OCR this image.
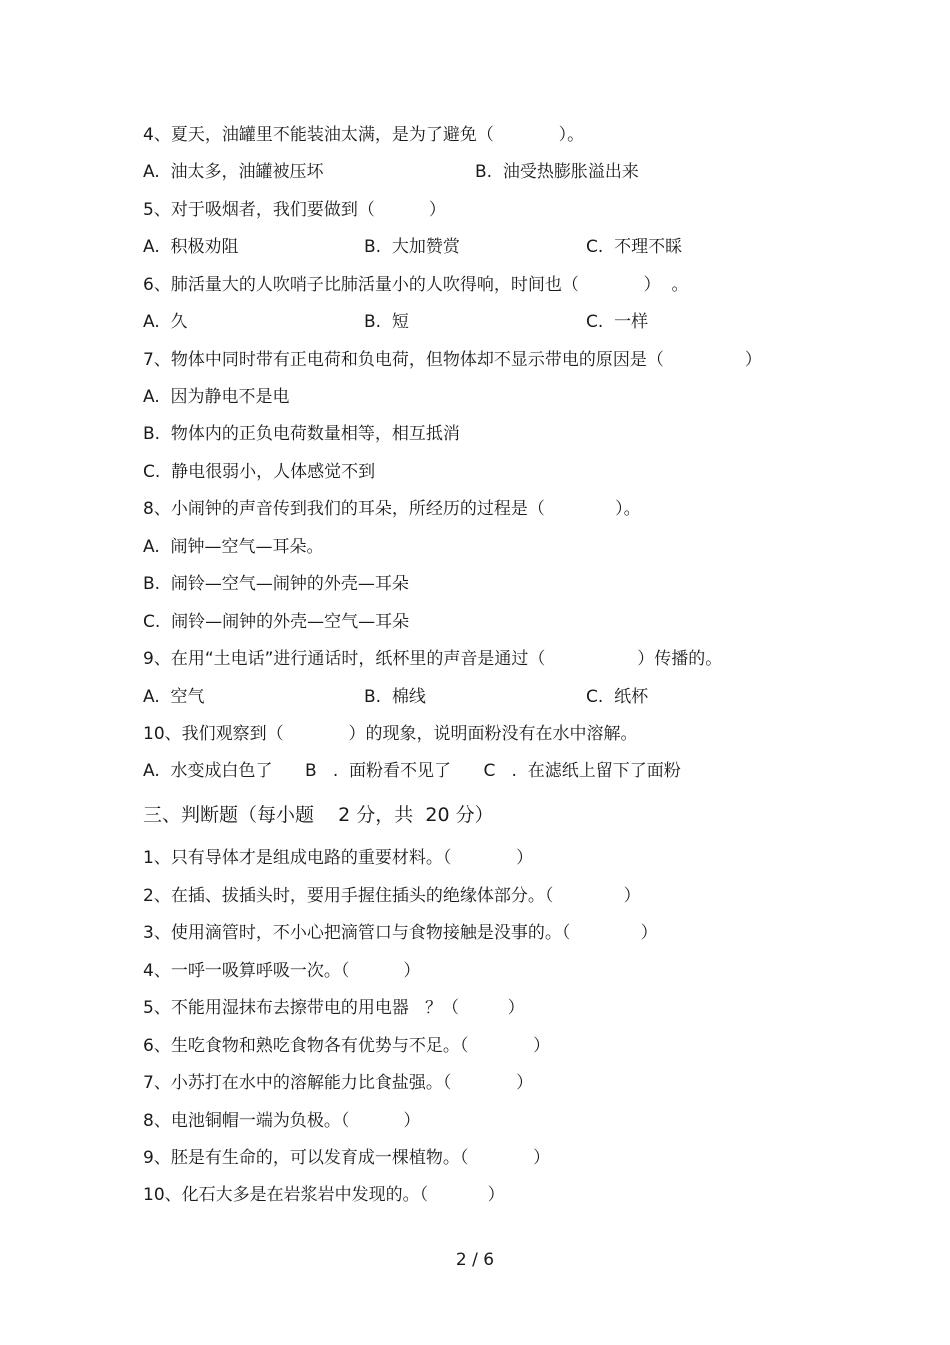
4、夏天，油罐里不能装油太满，是为了避免（            ）。
A.  油太多，油罐被压坏	B.  油受热膨胀溢出来
5、对于吸烟者，我们要做到（          ）
A.  积极劝阻	B.  大加赞赏	C.  不理不睬
6、肺活量大的人吹哨子比肺活量小的人吹得响，时间也（            ）  。
A.  久	B.  短	C.  一样
7、物体中同时带有正电荷和负电荷，但物体却不显示带电的原因是（               ）
A.  因为静电不是电
B.  物体内的正负电荷数量相等，相互抵消
C.  静电很弱小，人体感觉不到
8、小闹钟的声音传到我们的耳朵，所经历的过程是（             ）。
A.  闹钟—空气—耳朵。
B.  闹铃—空气—闹钟的外壳—耳朵
C.  闹铃—闹钟的外壳—空气—耳朵
9、在用“土电话”进行通话时，纸杯里的声音是通过（                 ）传播的。
A.  空气	B.  棉线	C.  纸杯
10、我们观察到（            ）的现象，说明面粉没有在水中溶解。
A.  水变成白色了      B   .  面粉看不见了      C   .  在滤纸上留下了面粉
三、判断题（每小题    2 分，共  20 分）
1、只有导体才是组成电路的重要材料。（            ）
2、在插、拔插头时，要用手握住插头的绝缘体部分。（             ）
3、使用滴管时，不小心把滴管口与食物接触是没事的。（             ）
4、一呼一吸算呼吸一次。（          ）
5、不能用湿抹布去擦带电的用电器   ？（         ）
6、生吃食物和熟吃食物各有优势与不足。（            ）
7、小苏打在水中的溶解能力比食盐强。（            ）
8、电池铜帽一端为负极。（          ）
9、胚是有生命的，可以发育成一棵植物。（            ）
10、化石大多是在岩浆岩中发现的。（           ）
2 / 6
